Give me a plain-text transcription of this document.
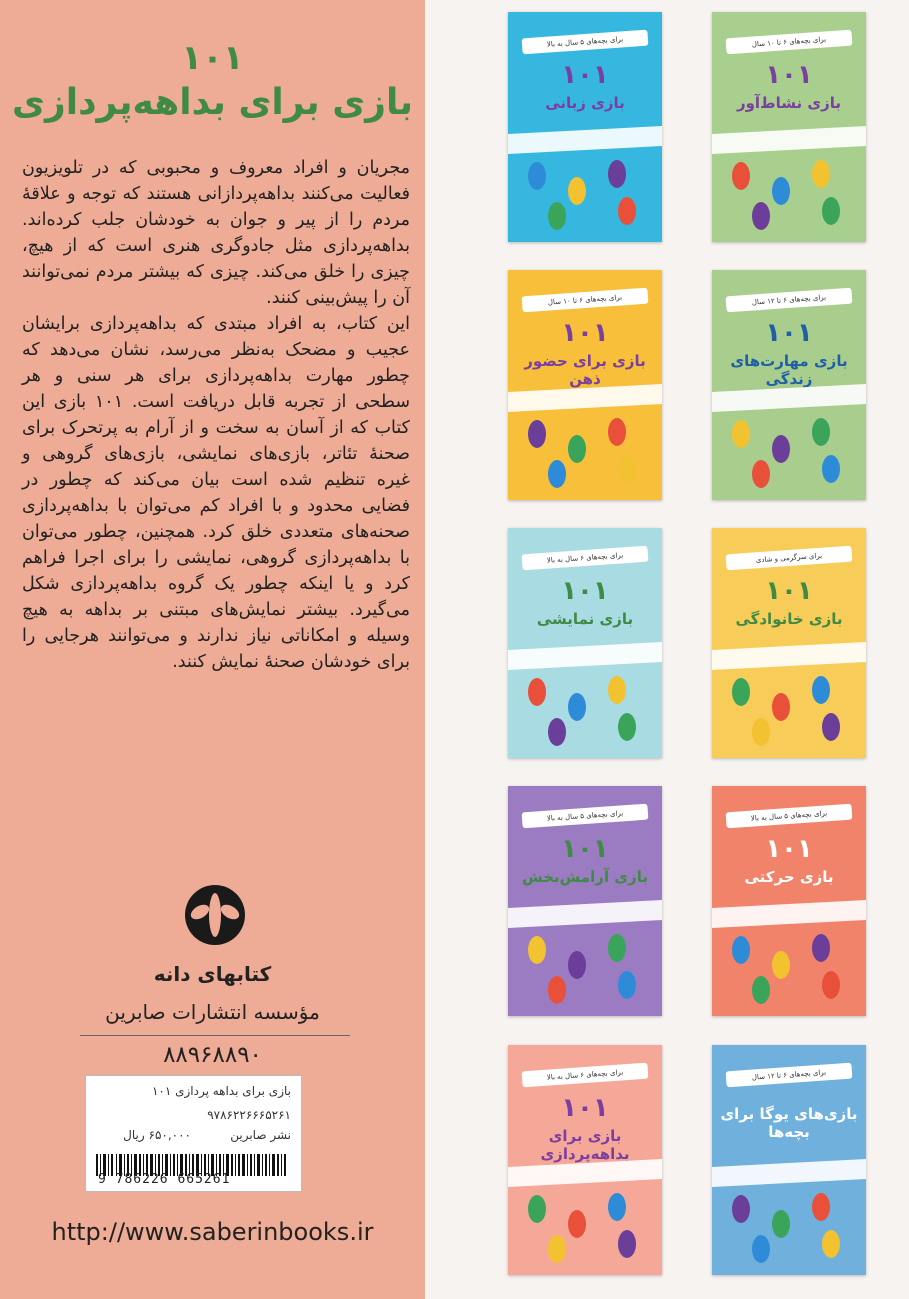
۱۰۱
بازی برای بداهه‌پردازی

مجریان و افراد معروف و محبوبی که در تلویزیون فعالیت می‌کنند بداهه‌پردازانی هستند که توجه و علاقهٔ مردم را از پیر و جوان به خودشان جلب کرده‌اند. بداهه‌پردازی مثل جادوگری هنری است که از هیچ، چیزی را خلق می‌کند. چیزی که بیشتر مردم نمی‌توانند آن را پیش‌بینی کنند.

این کتاب، به افراد مبتدی که بداهه‌پردازی برایشان عجیب و مضحک به‌نظر می‌رسد، نشان می‌دهد که چطور مهارت بداهه‌پردازی برای هر سنی و هر سطحی از تجربه قابل دریافت است. ۱۰۱ بازی این کتاب که از آسان به سخت و از آرام به پرتحرک برای صحنهٔ تئاتر، بازی‌های نمایشی، بازی‌های گروهی و غیره تنظیم شده است بیان می‌کند که چطور در فضایی محدود و با افراد کم می‌توان با بداهه‌پردازی صحنه‌های متعددی خلق کرد. همچنین، چطور می‌توان با بداهه‌پردازی گروهی، نمایشی را برای اجرا فراهم کرد و یا اینکه چطور یک گروه بداهه‌پردازی شکل می‌گیرد. بیشتر نمایش‌های مبتنی بر بداهه به هیچ وسیله و امکاناتی نیاز ندارند و می‌توانند هرجایی را برای خودشان صحنهٔ نمایش کنند.

کتابهای دانه
مؤسسه انتشارات صابرین
۸۸۹۶۸۸۹۰
بازی برای بداهه پردازی ۱۰۱
۹۷۸۶۲۲۶۶۶۵۲۶۱
نشر صابرین
۶۵۰,۰۰۰ ریال
9 786226 665261
http://www.saberinbooks.ir
برای بچه‌های ۶ تا ۱۰ سال
۱۰۱
بازی نشاط‌آور
برای بچه‌های ۵ سال به بالا
۱۰۱
بازی زبانی
برای بچه‌های ۶ تا ۱۲ سال
۱۰۱
بازی مهارت‌های زندگی
برای بچه‌های ۶ تا ۱۰ سال
۱۰۱
بازی برای حضور ذهن
برای سرگرمی و شادی
۱۰۱
بازی خانوادگی
برای بچه‌های ۶ سال به بالا
۱۰۱
بازی نمایشی
برای بچه‌های ۵ سال به بالا
۱۰۱
بازی حرکتی
برای بچه‌های ۵ سال به بالا
۱۰۱
بازی آرامش‌بخش
برای بچه‌های ۶ تا ۱۲ سال
بازی‌های یوگا برای بچه‌ها
برای بچه‌های ۶ سال به بالا
۱۰۱
بازی برای بداهه‌پردازی
